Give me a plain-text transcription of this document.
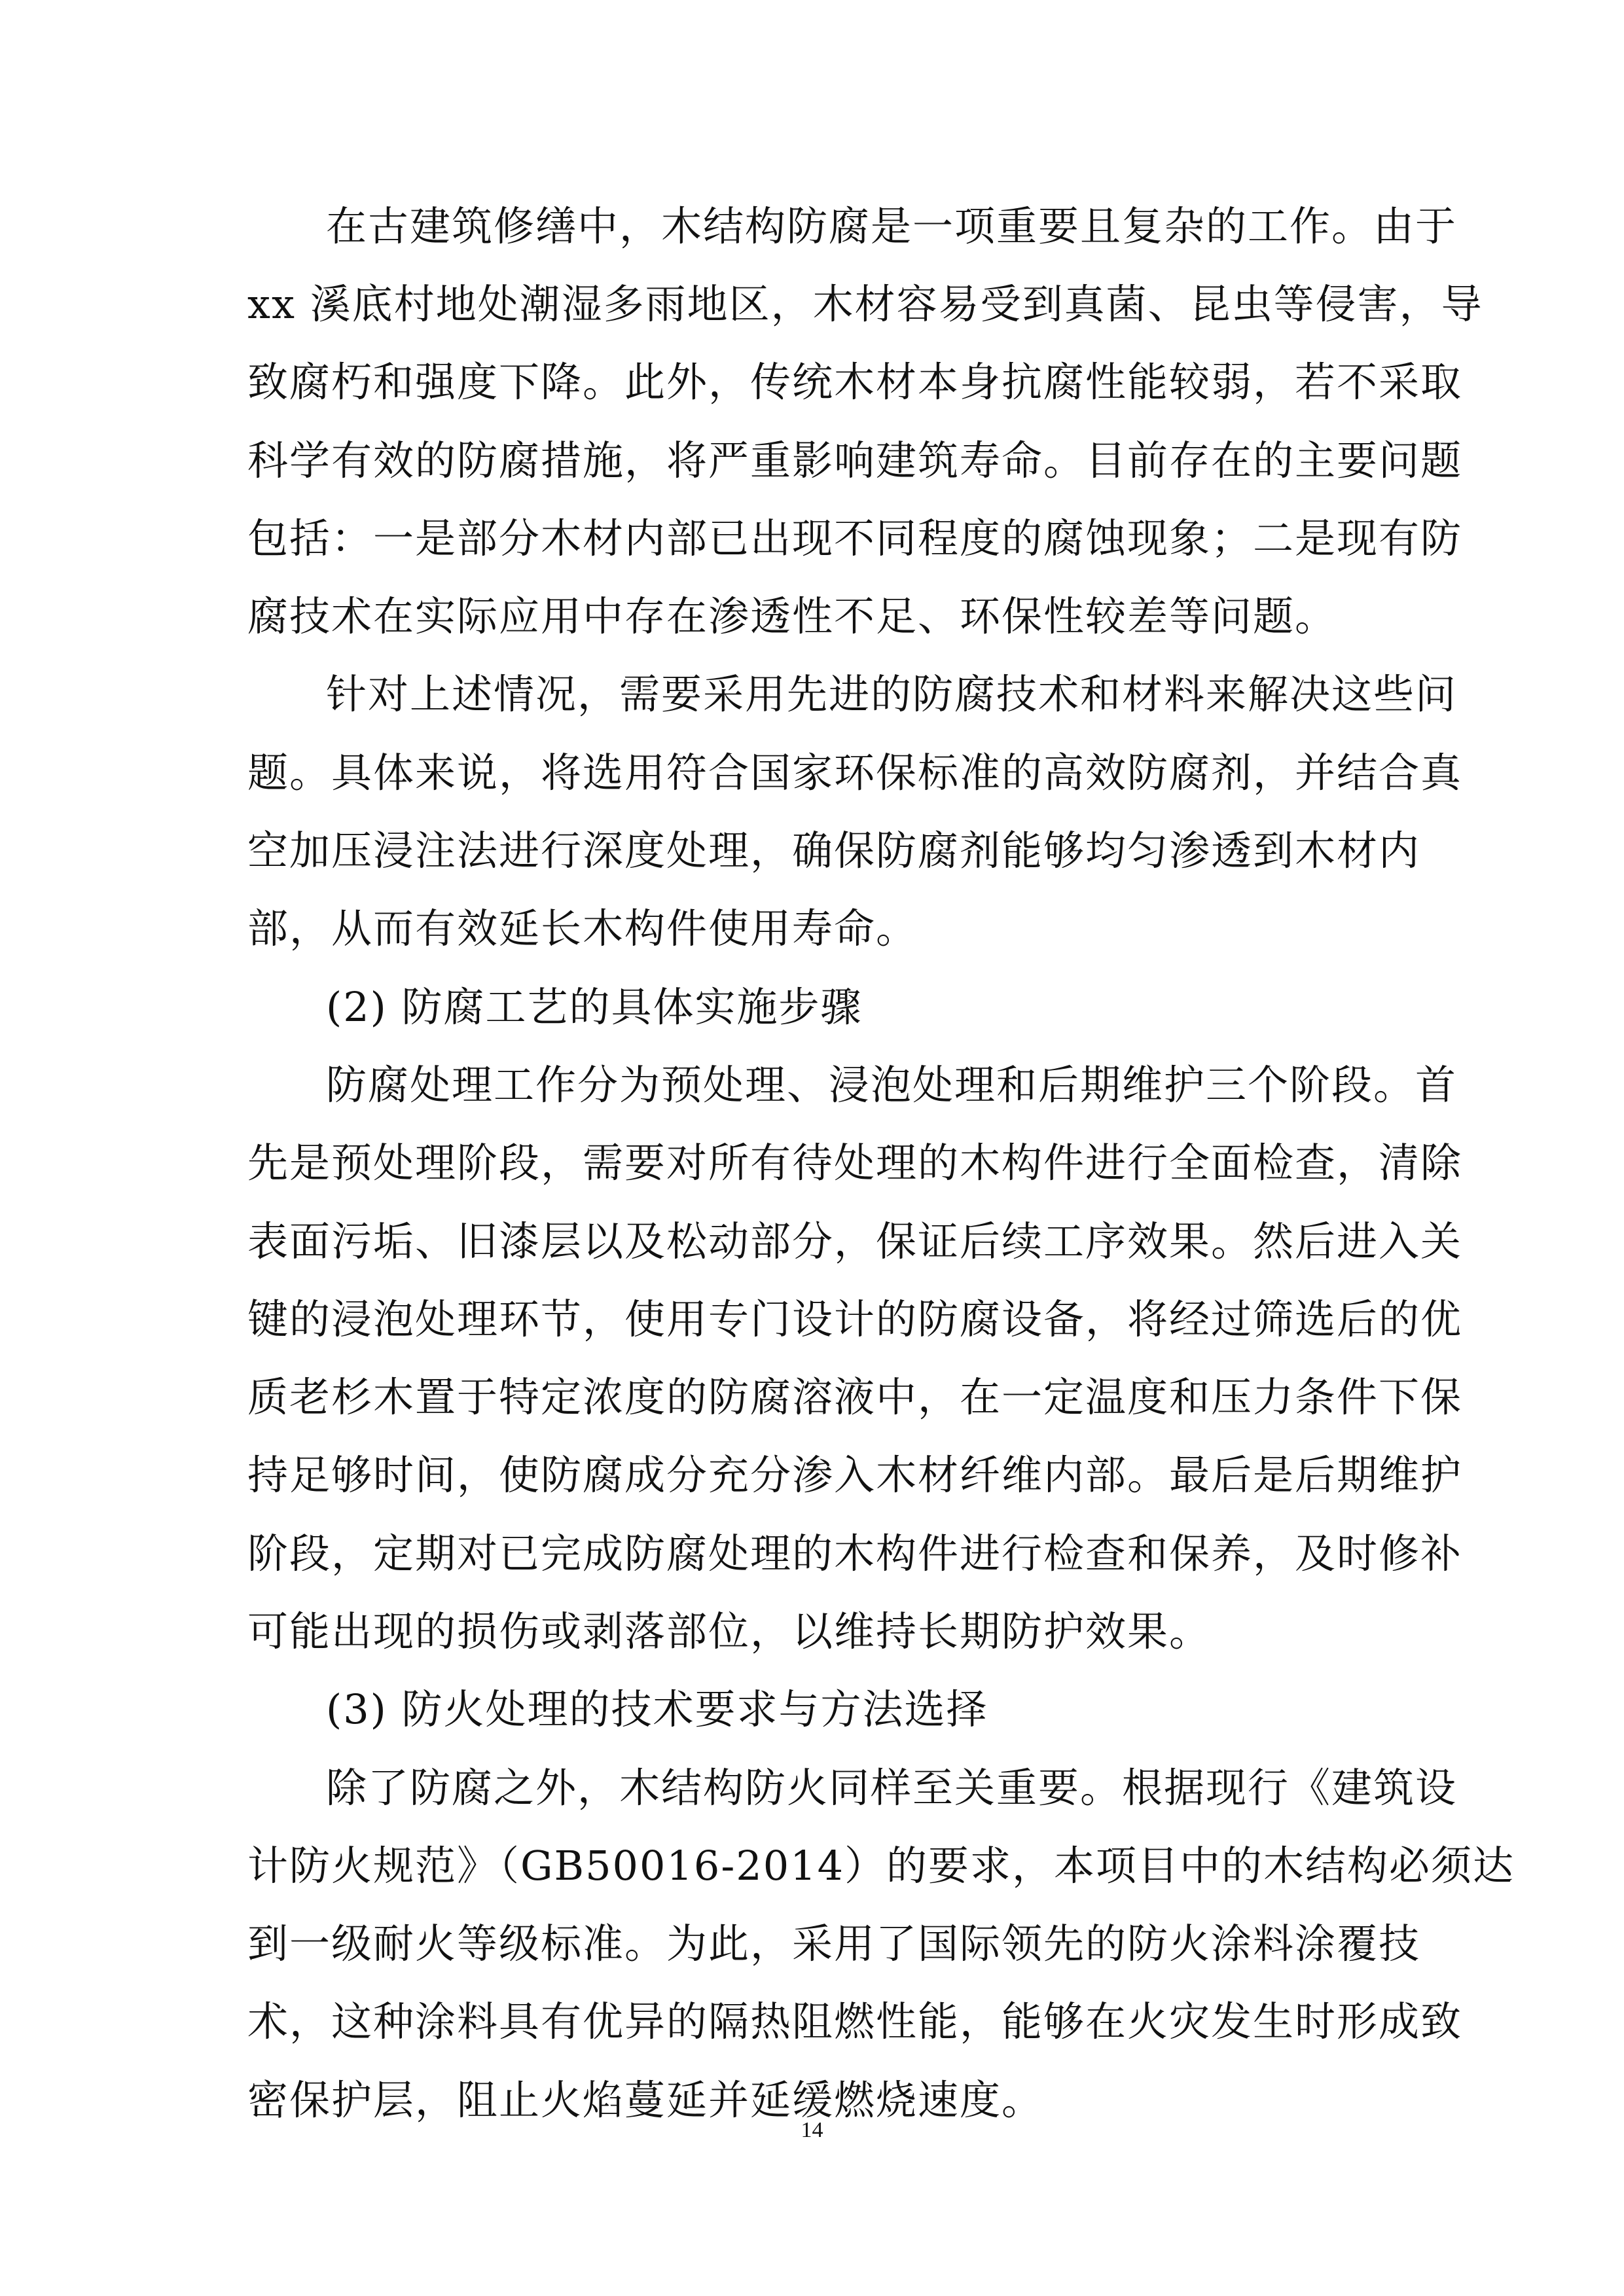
在古建筑修缮中，木结构防腐是一项重要且复杂的工作。由于
xx 溪底村地处潮湿多雨地区，木材容易受到真菌、昆虫等侵害，导
致腐朽和强度下降。此外，传统木材本身抗腐性能较弱，若不采取
科学有效的防腐措施，将严重影响建筑寿命。目前存在的主要问题
包括：一是部分木材内部已出现不同程度的腐蚀现象；二是现有防
腐技术在实际应用中存在渗透性不足、环保性较差等问题。
针对上述情况，需要采用先进的防腐技术和材料来解决这些问
题。具体来说，将选用符合国家环保标准的高效防腐剂，并结合真
空加压浸注法进行深度处理，确保防腐剂能够均匀渗透到木材内
部，从而有效延长木构件使用寿命。
(2) 防腐工艺的具体实施步骤
防腐处理工作分为预处理、浸泡处理和后期维护三个阶段。首
先是预处理阶段，需要对所有待处理的木构件进行全面检查，清除
表面污垢、旧漆层以及松动部分，保证后续工序效果。然后进入关
键的浸泡处理环节，使用专门设计的防腐设备，将经过筛选后的优
质老杉木置于特定浓度的防腐溶液中，在一定温度和压力条件下保
持足够时间，使防腐成分充分渗入木材纤维内部。最后是后期维护
阶段，定期对已完成防腐处理的木构件进行检查和保养，及时修补
可能出现的损伤或剥落部位，以维持长期防护效果。
(3) 防火处理的技术要求与方法选择
除了防腐之外，木结构防火同样至关重要。根据现行《建筑设
计防火规范》（GB50016-2014）的要求，本项目中的木结构必须达
到一级耐火等级标准。为此，采用了国际领先的防火涂料涂覆技
术，这种涂料具有优异的隔热阻燃性能，能够在火灾发生时形成致
密保护层，阻止火焰蔓延并延缓燃烧速度。
14
